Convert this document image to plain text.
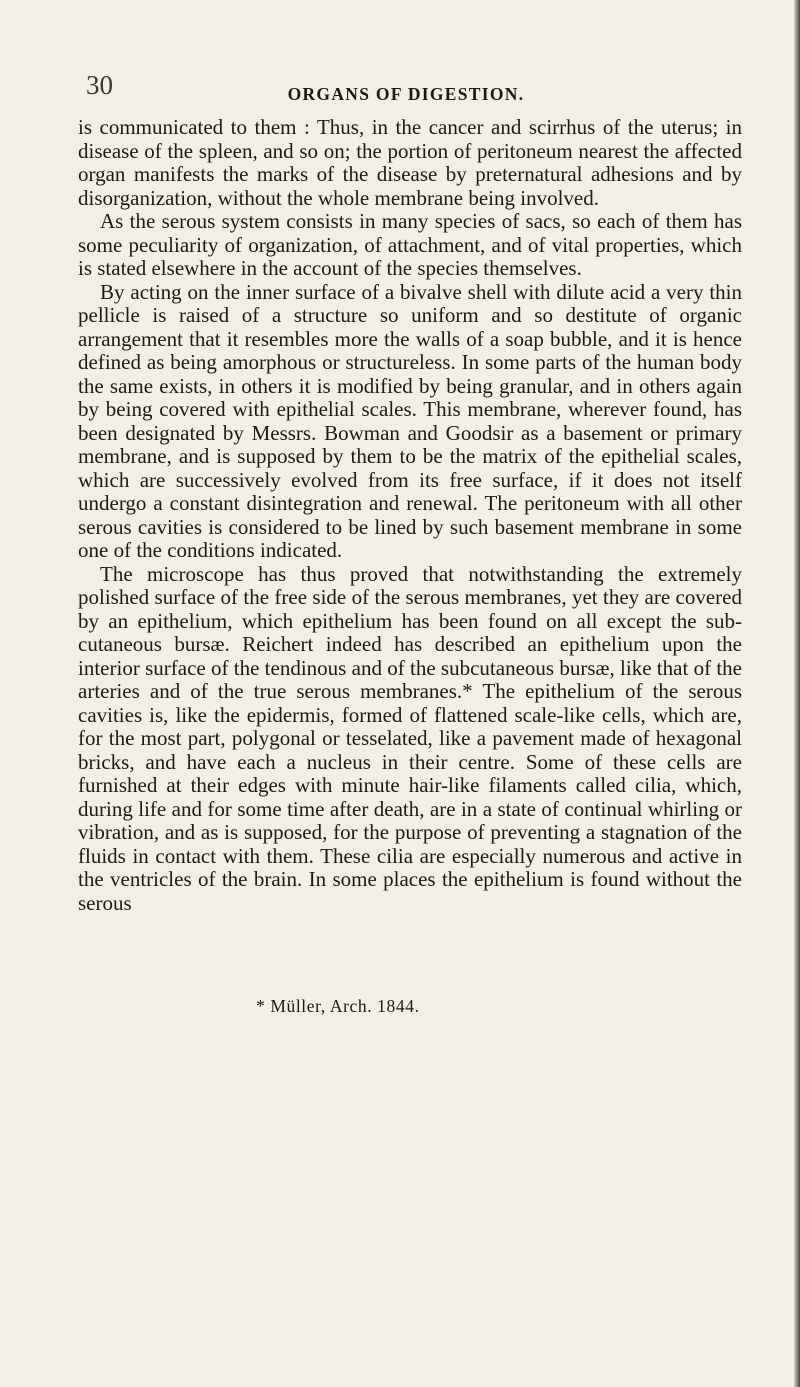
30	ORGANS OF DIGESTION.

is communicated to them : Thus, in the cancer and scirrhus of the uterus; in disease of the spleen, and so on; the portion of peritoneum nearest the affected organ manifests the marks of the disease by preternatural adhesions and by disorganization, without the whole membrane being involved.

As the serous system consists in many species of sacs, so each of them has some peculiarity of organization, of attachment, and of vital properties, which is stated elsewhere in the account of the species themselves.

By acting on the inner surface of a bivalve shell with dilute acid a very thin pellicle is raised of a structure so uniform and so destitute of organic arrangement that it resembles more the walls of a soap bubble, and it is hence defined as being amorphous or structureless. In some parts of the human body the same exists, in others it is modified by being granular, and in others again by being covered with epithelial scales. This membrane, wherever found, has been designated by Messrs. Bowman and Goodsir as a basement or primary membrane, and is supposed by them to be the matrix of the epithelial scales, which are successively evolved from its free surface, if it does not itself undergo a constant disintegration and renewal. The peritoneum with all other serous cavities is considered to be lined by such basement membrane in some one of the conditions indicated.

The microscope has thus proved that notwithstanding the extremely polished surface of the free side of the serous membranes, yet they are covered by an epithelium, which epithelium has been found on all except the sub-cutaneous bursæ. Reichert indeed has described an epithelium upon the interior surface of the tendinous and of the subcutaneous bursæ, like that of the arteries and of the true serous membranes.* The epithelium of the serous cavities is, like the epidermis, formed of flattened scale-like cells, which are, for the most part, polygonal or tesselated, like a pavement made of hexagonal bricks, and have each a nucleus in their centre. Some of these cells are furnished at their edges with minute hair-like filaments called cilia, which, during life and for some time after death, are in a state of continual whirling or vibration, and as is supposed, for the purpose of preventing a stagnation of the fluids in contact with them. These cilia are especially numerous and active in the ventricles of the brain. In some places the epithelium is found without the serous

* Müller, Arch. 1844.
